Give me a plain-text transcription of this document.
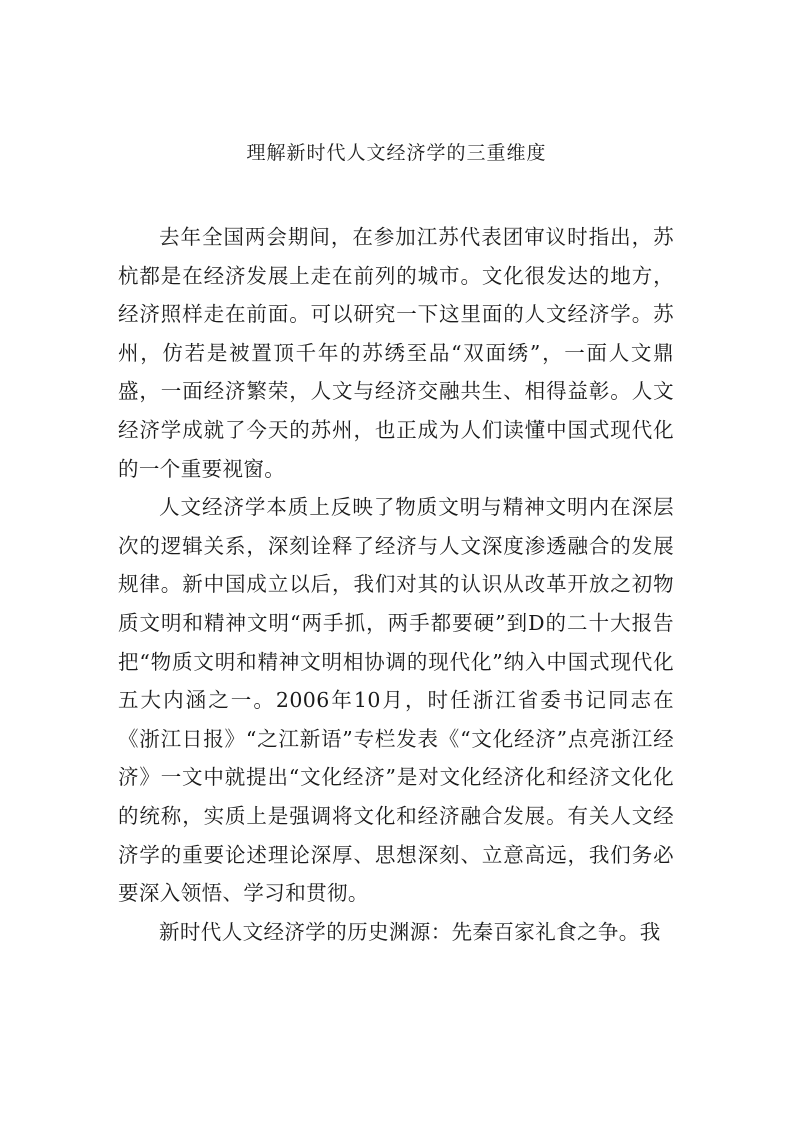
理解新时代人文经济学的三重维度

去年全国两会期间，在参加江苏代表团审议时指出，苏杭都是在经济发展上走在前列的城市。文化很发达的地方，经济照样走在前面。可以研究一下这里面的人文经济学。苏州，仿若是被置顶千年的苏绣至品“双面绣”，一面人文鼎盛，一面经济繁荣，人文与经济交融共生、相得益彰。人文经济学成就了今天的苏州，也正成为人们读懂中国式现代化的一个重要视窗。

人文经济学本质上反映了物质文明与精神文明内在深层次的逻辑关系，深刻诠释了经济与人文深度渗透融合的发展规律。新中国成立以后，我们对其的认识从改革开放之初物质文明和精神文明“两手抓，两手都要硬”到D的二十大报告把“物质文明和精神文明相协调的现代化”纳入中国式现代化五大内涵之一。2006年10月，时任浙江省委书记同志在《浙江日报》“之江新语”专栏发表《“文化经济”点亮浙江经济》一文中就提出“文化经济”是对文化经济化和经济文化化的统称，实质上是强调将文化和经济融合发展。有关人文经济学的重要论述理论深厚、思想深刻、立意高远，我们务必要深入领悟、学习和贯彻。

新时代人文经济学的历史渊源：先秦百家礼食之争。我
